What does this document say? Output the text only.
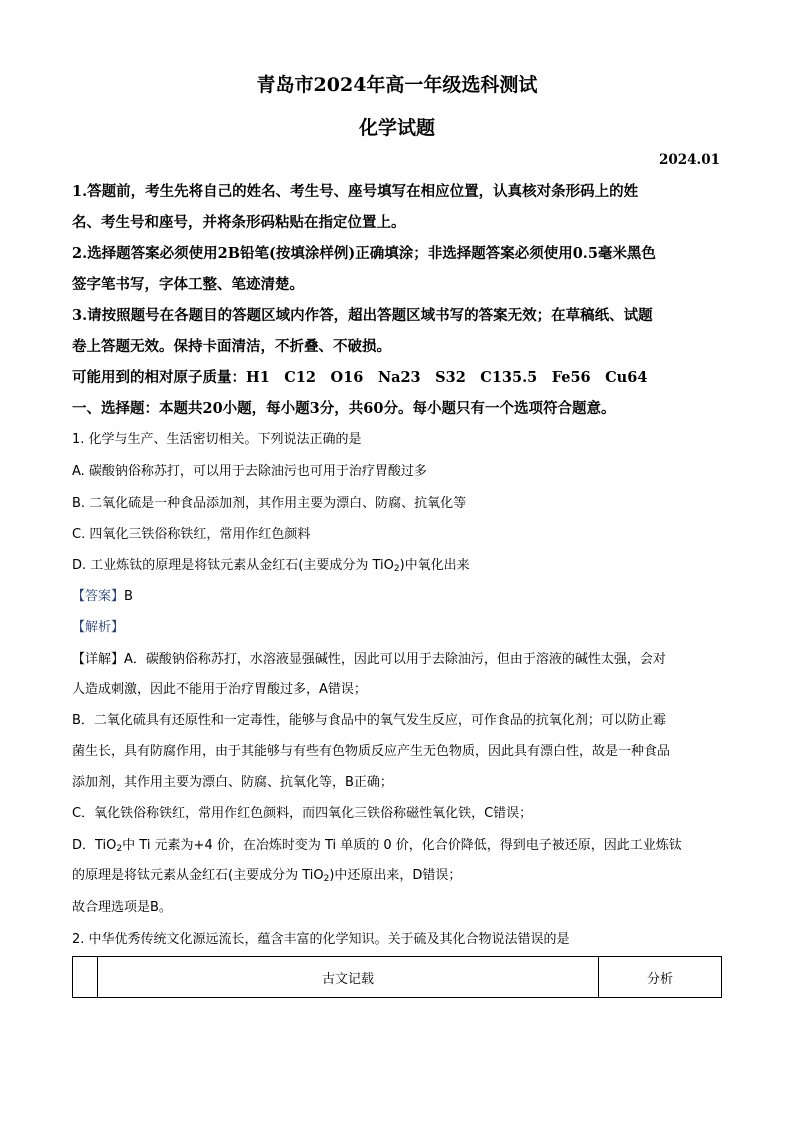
青岛市2024年高一年级选科测试
化学试题
2024.01
1.答题前，考生先将自己的姓名、考生号、座号填写在相应位置，认真核对条形码上的姓
名、考生号和座号，并将条形码粘贴在指定位置上。
2.选择题答案必须使用2B铅笔(按填涂样例)正确填涂；非选择题答案必须使用0.5毫米黑色
签字笔书写，字体工整、笔迹清楚。
3.请按照题号在各题目的答题区域内作答，超出答题区域书写的答案无效；在草稿纸、试题
卷上答题无效。保持卡面清洁，不折叠、不破损。
可能用到的相对原子质量：H1　C12　O16　Na23　S32　C135.5　Fe56　Cu64
一、选择题：本题共20小题，每小题3分，共60分。每小题只有一个选项符合题意。
1. 化学与生产、生活密切相关。下列说法正确的是
A. 碳酸钠俗称苏打，可以用于去除油污也可用于治疗胃酸过多
B. 二氧化硫是一种食品添加剂，其作用主要为漂白、防腐、抗氧化等
C. 四氧化三铁俗称铁红，常用作红色颜料
D. 工业炼钛的原理是将钛元素从金红石(主要成分为 TiO$_2$)中氧化出来
【答案】B
【解析】
【详解】A．碳酸钠俗称苏打，水溶液显强碱性，因此可以用于去除油污，但由于溶液的碱性太强，会对
人造成刺激，因此不能用于治疗胃酸过多，A错误；
B．二氧化硫具有还原性和一定毒性，能够与食品中的氧气发生反应，可作食品的抗氧化剂；可以防止霉
菌生长，具有防腐作用，由于其能够与有些有色物质反应产生无色物质，因此具有漂白性，故是一种食品
添加剂，其作用主要为漂白、防腐、抗氧化等，B正确；
C．氧化铁俗称铁红，常用作红色颜料，而四氧化三铁俗称磁性氧化铁，C错误；
D．TiO$_2$中 Ti 元素为+4 价，在冶炼时变为 Ti 单质的 0 价，化合价降低，得到电子被还原，因此工业炼钛
的原理是将钛元素从金红石(主要成分为 TiO$_2$)中还原出来，D错误；
故合理选项是B。
2. 中华优秀传统文化源远流长，蕴含丰富的化学知识。关于硫及其化合物说法错误的是
	古文记载	分析
